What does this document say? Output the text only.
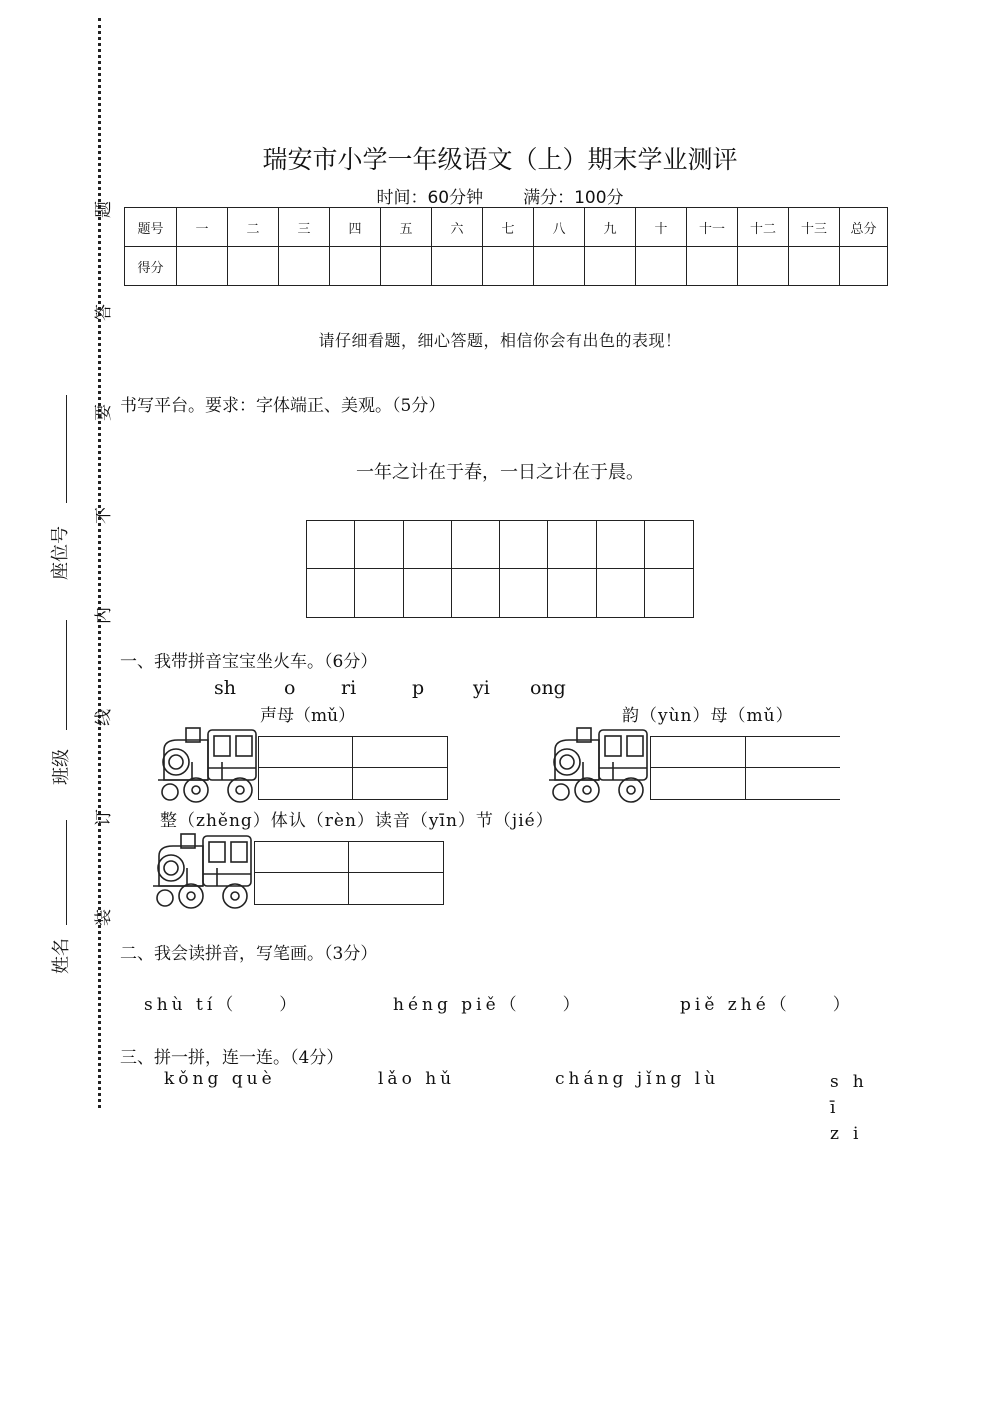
题
答
要
不
内
线
订
装
座位号
班级
姓名
瑞安市小学一年级语文（上）期末学业测评
时间：60分钟 满分：100分
题号	一	二	三	四	五	六	七	八	九	十	十一	十二	十三	总分
得分														
请仔细看题，细心答题，相信你会有出色的表现！
书写平台。要求：字体端正、美观。（5分）
一年之计在于春，一日之计在于晨。
一、我带拼音宝宝坐火车。（6分）
sh	o ri	p	yi ong
声母（mǔ）	韵（yùn）母（mǔ）
整（zhěng）体认（rèn）读音（yīn）节（jié）
二、我会读拼音，写笔画。（3分）
shù tí（　　）	héng piě（　　）	piě zhé（　　）
三、拼一拼，连一连。（4分）
kǒng què	lǎo hǔ	cháng jǐng lù	shī zi
